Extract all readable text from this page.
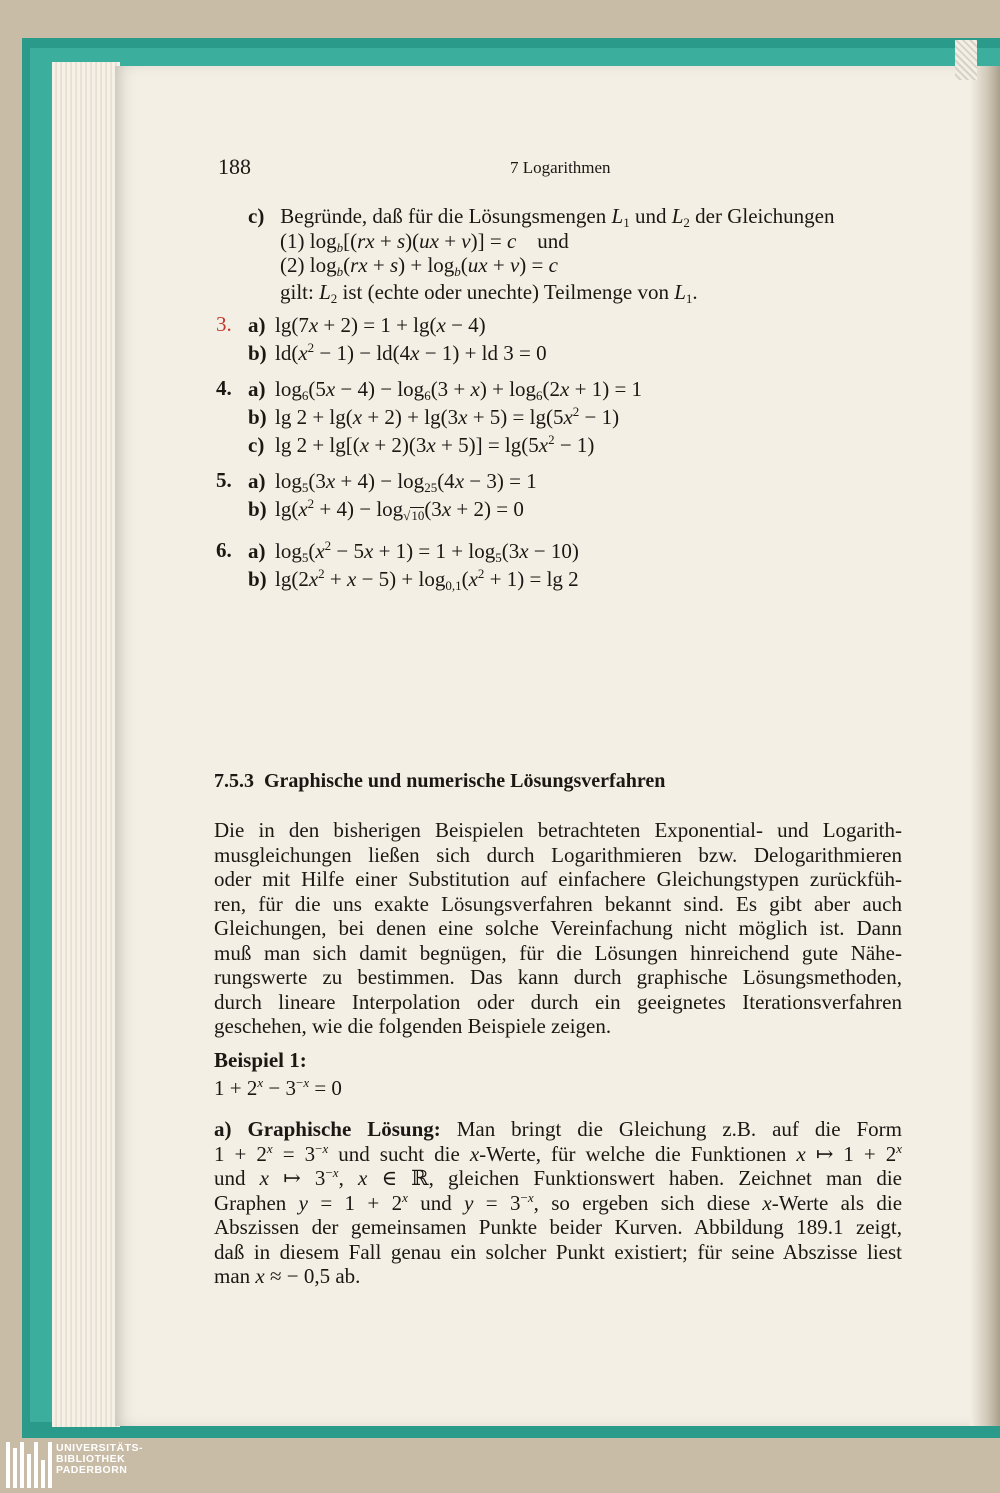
188	7 Logarithmen
c) Begründe, daß für die Lösungsmengen $L_1$ und $L_2$ der Gleichungen
(1) $\log_b[(rx + s)(ux + v)] = c$    und
(2) $\log_b(rx + s) + \log_b(ux + v) = c$
gilt: $L_2$ ist (echte oder unechte) Teilmenge von $L_1$.
3. a) lg(7x + 2) = 1 + lg(x − 4)
b) $ld(x^2 - 1) - ld(4x - 1)$ + ld 3 = 0
4. a) $\log_6(5x - 4) - \log_6(3 + x) + \log_6(2x + 1) = 1$
b) $\lg 2 + \lg(x + 2) + \lg(3x + 5) = \lg(5x^2 - 1)$
c) $\lg 2 + \lg[(x + 2)(3x + 5)] = \lg(5x^2 - 1)$
5. a) $\log_5(3x + 4) - \log_{25}(4x - 3) = 1$
b) $\lg(x^2 + 4) - \log_{√10}(3x + 2) = 0$
6. a) $\log_5(x^2 - 5x + 1) = 1 + \log_5(3x - 10)$
b) $\lg(2x^2 + x - 5) + \log_{0,1}(x^2 + 1) = \lg 2$
7.5.3 Graphische und numerische Lösungsverfahren
Die in den bisherigen Beispielen betrachteten Exponential- und Logarith-
musgleichungen ließen sich durch Logarithmieren bzw. Delogarithmieren
oder mit Hilfe einer Substitution auf einfachere Gleichungstypen zurückfüh-
ren, für die uns exakte Lösungsverfahren bekannt sind. Es gibt aber auch
Gleichungen, bei denen eine solche Vereinfachung nicht möglich ist. Dann
muß man sich damit begnügen, für die Lösungen hinreichend gute Nähe-
rungswerte zu bestimmen. Das kann durch graphische Lösungsmethoden,
durch lineare Interpolation oder durch ein geeignetes Iterationsverfahren
geschehen, wie die folgenden Beispiele zeigen.
Beispiel 1:
$1 + 2^x - 3^{-x} = 0$
a) Graphische Lösung: Man bringt die Gleichung z.B. auf die Form
$1 + 2^x = 3^{-x}$ und sucht die x-Werte, für welche die Funktionen x ↦ $1 + 2^x$
und x ↦ $3^{-x}$, x ∈ ℝ, gleichen Funktionswert haben. Zeichnet man die
Graphen $y = 1 + 2^x$ und $y = 3^{-x}$, so ergeben sich diese x-Werte als die
Abszissen der gemeinsamen Punkte beider Kurven. Abbildung 189.1 zeigt,
daß in diesem Fall genau ein solcher Punkt existiert; für seine Abszisse liest
man x ≈ − 0,5 ab.
UNIVERSITÄTS-
BIBLIOTHEK
PADERBORN
